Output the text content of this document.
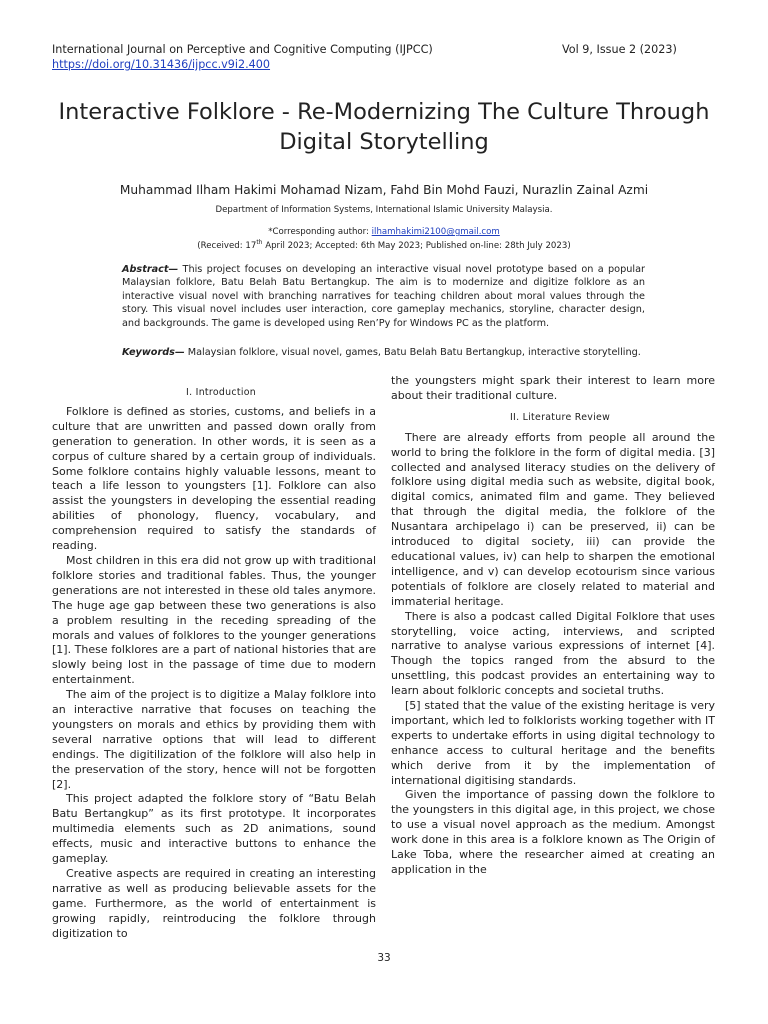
International Journal on Perceptive and Cognitive Computing (IJPCC)	Vol 9, Issue 2 (2023)
https://doi.org/10.31436/ijpcc.v9i2.400
Interactive Folklore - Re-Modernizing The Culture Through Digital Storytelling
Muhammad Ilham Hakimi Mohamad Nizam, Fahd Bin Mohd Fauzi, Nurazlin Zainal Azmi
Department of Information Systems, International Islamic University Malaysia.
*Corresponding author: ilhamhakimi2100@gmail.com
(Received: 17th April 2023; Accepted: 6th May 2023; Published on-line: 28th July 2023)
Abstract— This project focuses on developing an interactive visual novel prototype based on a popular Malaysian folklore, Batu Belah Batu Bertangkup. The aim is to modernize and digitize folklore as an interactive visual novel with branching narratives for teaching children about moral values through the story. This visual novel includes user interaction, core gameplay mechanics, storyline, character design, and backgrounds. The game is developed using Ren’Py for Windows PC as the platform.
Keywords— Malaysian folklore, visual novel, games, Batu Belah Batu Bertangkup, interactive storytelling.

I. Introduction

Folklore is defined as stories, customs, and beliefs in a culture that are unwritten and passed down orally from generation to generation. In other words, it is seen as a corpus of culture shared by a certain group of individuals. Some folklore contains highly valuable lessons, meant to teach a life lesson to youngsters [1]. Folklore can also assist the youngsters in developing the essential reading abilities of phonology, fluency, vocabulary, and comprehension required to satisfy the standards of reading.

Most children in this era did not grow up with traditional folklore stories and traditional fables. Thus, the younger generations are not interested in these old tales anymore. The huge age gap between these two generations is also a problem resulting in the receding spreading of the morals and values of folklores to the younger generations [1]. These folklores are a part of national histories that are slowly being lost in the passage of time due to modern entertainment.

The aim of the project is to digitize a Malay folklore into an interactive narrative that focuses on teaching the youngsters on morals and ethics by providing them with several narrative options that will lead to different endings. The digitilization of the folklore will also help in the preservation of the story, hence will not be forgotten [2].

This project adapted the folklore story of “Batu Belah Batu Bertangkup” as its first prototype. It incorporates multimedia elements such as 2D animations, sound effects, music and interactive buttons to enhance the gameplay.

Creative aspects are required in creating an interesting narrative as well as producing believable assets for the game. Furthermore, as the world of entertainment is growing rapidly, reintroducing the folklore through digitization to

the youngsters might spark their interest to learn more about their traditional culture.

II. Literature Review

There are already efforts from people all around the world to bring the folklore in the form of digital media. [3] collected and analysed literacy studies on the delivery of folklore using digital media such as website, digital book, digital comics, animated film and game. They believed that through the digital media, the folklore of the Nusantara archipelago i) can be preserved, ii) can be introduced to digital society, iii) can provide the educational values, iv) can help to sharpen the emotional intelligence, and v) can develop ecotourism since various potentials of folklore are closely related to material and immaterial heritage.

There is also a podcast called Digital Folklore that uses storytelling, voice acting, interviews, and scripted narrative to analyse various expressions of internet [4]. Though the topics ranged from the absurd to the unsettling, this podcast provides an entertaining way to learn about folkloric concepts and societal truths.

[5] stated that the value of the existing heritage is very important, which led to folklorists working together with IT experts to undertake efforts in using digital technology to enhance access to cultural heritage and the benefits which derive from it by the implementation of international digitising standards.

Given the importance of passing down the folklore to the youngsters in this digital age, in this project, we chose to use a visual novel approach as the medium. Amongst work done in this area is a folklore known as The Origin of Lake Toba, where the researcher aimed at creating an application in the

33
